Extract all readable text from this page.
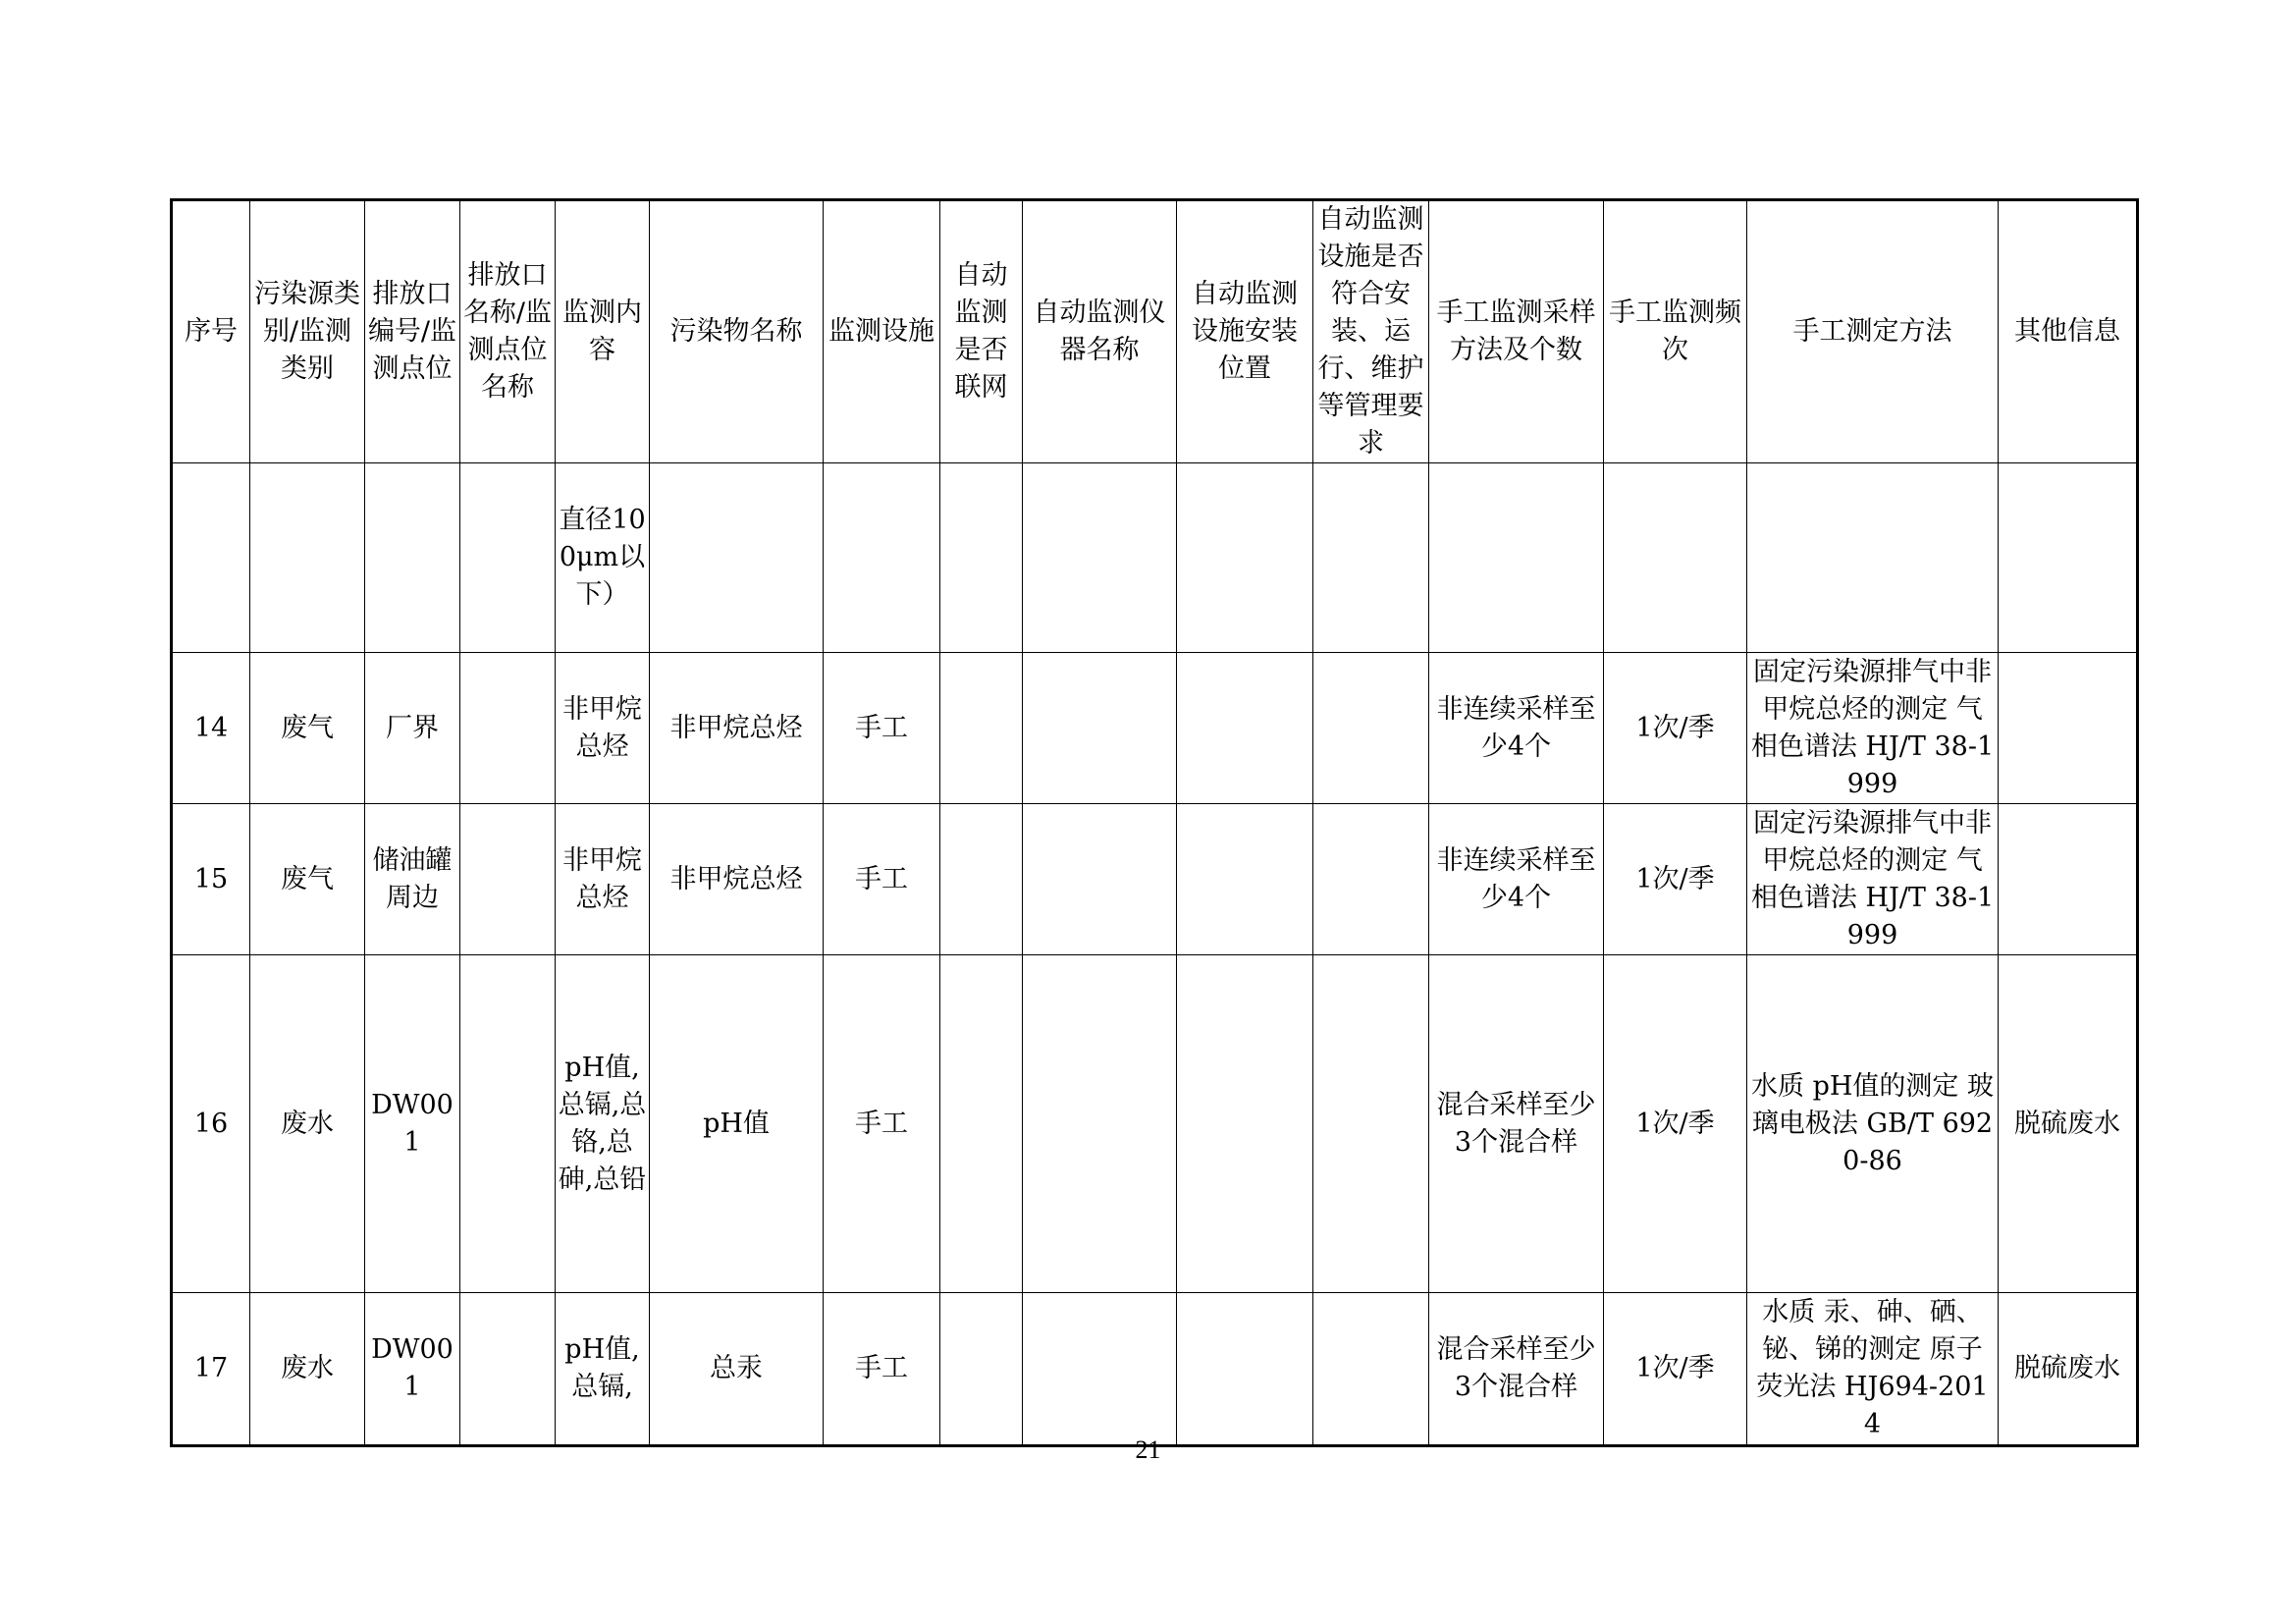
序号	污染源类别/监测类别	排放口编号/监测点位	排放口名称/监测点位名称	监测内容	污染物名称	监测设施	自动监测是否联网	自动监测仪器名称	自动监测设施安装位置	自动监测设施是否符合安装、运行、维护等管理要求	手工监测采样方法及个数	手工监测频次	手工测定方法	其他信息
				直径100μm以下）										
14	废气	厂界		非甲烷总烃	非甲烷总烃	手工					非连续采样至少4个	1次/季	固定污染源排气中非甲烷总烃的测定 气相色谱法 HJ/T 38-1999	
15	废气	储油罐周边		非甲烷总烃	非甲烷总烃	手工					非连续采样至少4个	1次/季	固定污染源排气中非甲烷总烃的测定 气相色谱法 HJ/T 38-1999	
16	废水	DW001		pH值,总镉,总铬,总砷,总铅	pH值	手工					混合采样至少3个混合样	1次/季	水质 pH值的测定 玻璃电极法 GB/T 6920-86	脱硫废水
17	废水	DW001		pH值,总镉,	总汞	手工					混合采样至少3个混合样	1次/季	水质 汞、砷、硒、铋、锑的测定 原子荧光法 HJ694-2014	脱硫废水
21
